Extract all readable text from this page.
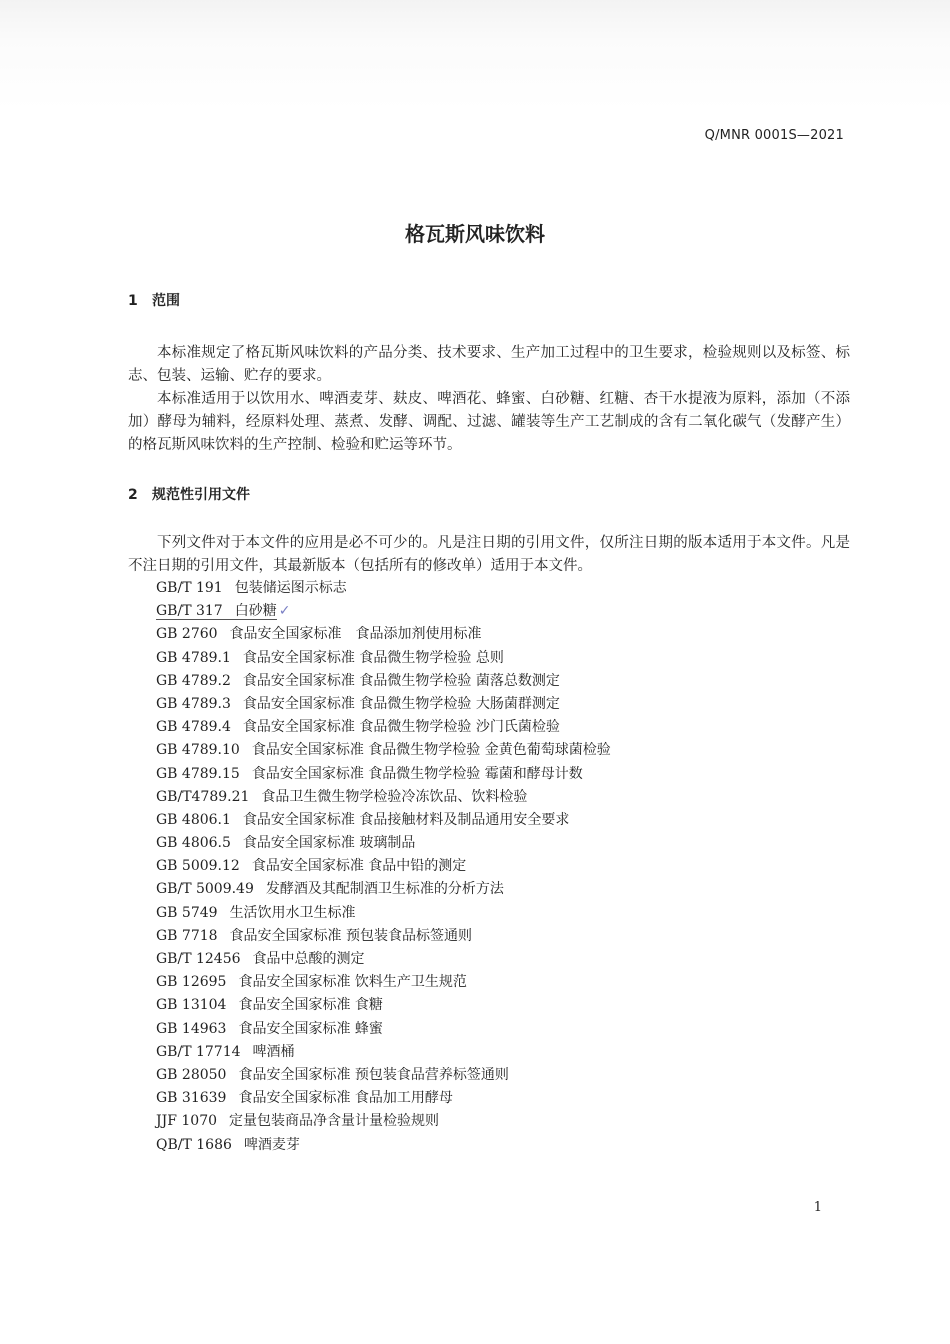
Q/MNR 0001S—2021
格瓦斯风味饮料
1 范围

本标准规定了格瓦斯风味饮料的产品分类、技术要求、生产加工过程中的卫生要求，检验规则以及标签、标志、包装、运输、贮存的要求。

本标准适用于以饮用水、啤酒麦芽、麸皮、啤酒花、蜂蜜、白砂糖、红糖、杏干水提液为原料，添加（不添加）酵母为辅料，经原料处理、蒸煮、发酵、调配、过滤、罐装等生产工艺制成的含有二氧化碳气（发酵产生）的格瓦斯风味饮料的生产控制、检验和贮运等环节。

2 规范性引用文件

下列文件对于本文件的应用是必不可少的。凡是注日期的引用文件，仅所注日期的版本适用于本文件。凡是不注日期的引用文件，其最新版本（包括所有的修改单）适用于本文件。

GB/T 191 包装储运图示标志
GB/T 317 白砂糖 ✓
GB 2760 食品安全国家标准　食品添加剂使用标准
GB 4789.1 食品安全国家标准 食品微生物学检验 总则
GB 4789.2 食品安全国家标准 食品微生物学检验 菌落总数测定
GB 4789.3 食品安全国家标准 食品微生物学检验 大肠菌群测定
GB 4789.4 食品安全国家标准 食品微生物学检验 沙门氏菌检验
GB 4789.10 食品安全国家标准 食品微生物学检验 金黄色葡萄球菌检验
GB 4789.15 食品安全国家标准 食品微生物学检验 霉菌和酵母计数
GB/T4789.21 食品卫生微生物学检验冷冻饮品、饮料检验
GB 4806.1 食品安全国家标准 食品接触材料及制品通用安全要求
GB 4806.5 食品安全国家标准 玻璃制品
GB 5009.12 食品安全国家标准 食品中铅的测定
GB/T 5009.49 发酵酒及其配制酒卫生标准的分析方法
GB 5749 生活饮用水卫生标准
GB 7718 食品安全国家标准 预包装食品标签通则
GB/T 12456 食品中总酸的测定
GB 12695 食品安全国家标准 饮料生产卫生规范
GB 13104 食品安全国家标准 食糖
GB 14963 食品安全国家标准 蜂蜜
GB/T 17714 啤酒桶
GB 28050 食品安全国家标准 预包装食品营养标签通则
GB 31639 食品安全国家标准 食品加工用酵母
JJF 1070 定量包装商品净含量计量检验规则
QB/T 1686 啤酒麦芽
1
